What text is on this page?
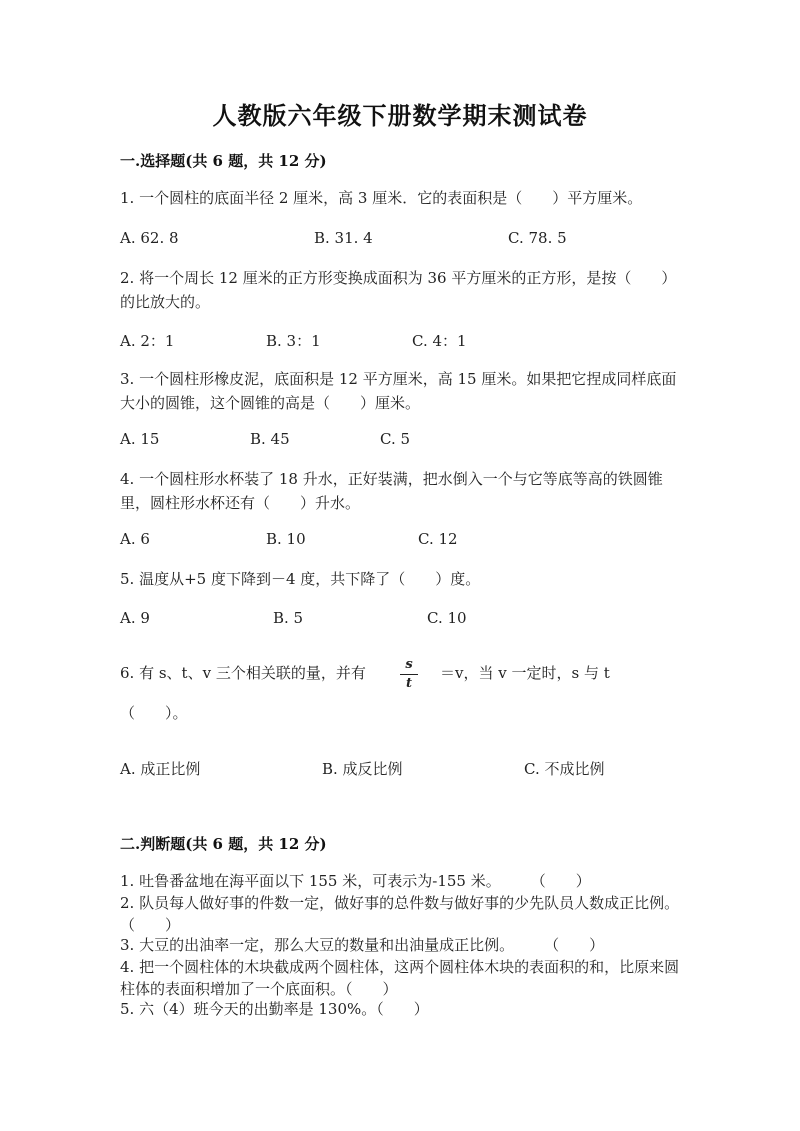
人教版六年级下册数学期末测试卷
一.选择题(共 6 题，共 12 分)
1. 一个圆柱的底面半径 2 厘米，高 3 厘米．它的表面积是（　　）平方厘米。
A. 62. 8	B. 31. 4	C. 78. 5
2. 将一个周长 12 厘米的正方形变换成面积为 36 平方厘米的正方形，是按（　　）的比放大的。
A. 2：1	B. 3：1	C. 4：1
3. 一个圆柱形橡皮泥，底面积是 12 平方厘米，高 15 厘米。如果把它捏成同样底面大小的圆锥，这个圆锥的高是（　　）厘米。
A. 15	B. 45	C. 5
4. 一个圆柱形水杯装了 18 升水，正好装满，把水倒入一个与它等底等高的铁圆锥里，圆柱形水杯还有（　　）升水。
A. 6	B. 10	C. 12
5. 温度从+5 度下降到－4 度，共下降了（　　）度。
A. 9	B. 5	C. 10
6. 有 s、t、v 三个相关联的量，并有	s
t
＝v，当 v 一定时，s 与 t
（　　）。
A. 成正比例	B. 成反比例	C. 不成比例
二.判断题(共 6 题，共 12 分)
1. 吐鲁番盆地在海平面以下 155 米，可表示为-155 米。　　　（　　）
2. 队员每人做好事的件数一定，做好事的总件数与做好事的少先队员人数成正比例。　　　（　　）
3. 大豆的出油率一定，那么大豆的数量和出油量成正比例。　　　（　　）
4. 把一个圆柱体的木块截成两个圆柱体，这两个圆柱体木块的表面积的和，比原来圆柱体的表面积增加了一个底面积。（　　）
5. 六（4）班今天的出勤率是 130%。（　　）
